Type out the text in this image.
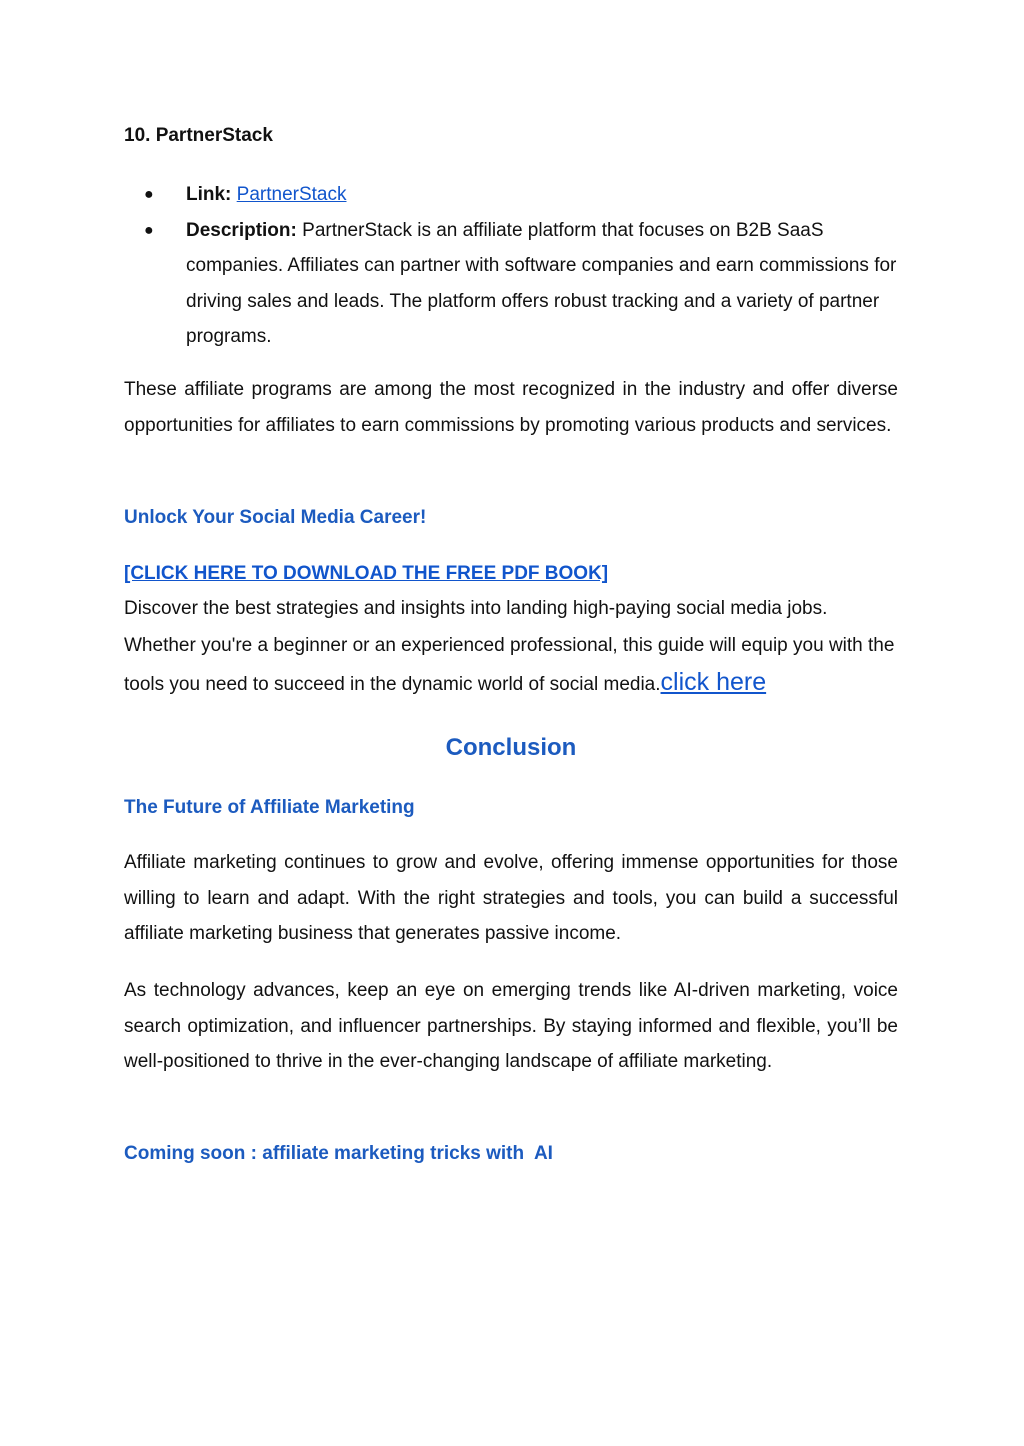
10. PartnerStack
● Link: PartnerStack
● Description: PartnerStack is an affiliate platform that focuses on B2B SaaS companies. Affiliates can partner with software companies and earn commissions for driving sales and leads. The platform offers robust tracking and a variety of partner programs.

These affiliate programs are among the most recognized in the industry and offer diverse opportunities for affiliates to earn commissions by promoting various products and services.

Unlock Your Social Media Career!
[CLICK HERE TO DOWNLOAD THE FREE PDF BOOK]

Discover the best strategies and insights into landing high-paying social media jobs. Whether you're a beginner or an experienced professional, this guide will equip you with the tools you need to succeed in the dynamic world of social media.click here

Conclusion
The Future of Affiliate Marketing

Affiliate marketing continues to grow and evolve, offering immense opportunities for those willing to learn and adapt. With the right strategies and tools, you can build a successful affiliate marketing business that generates passive income.

As technology advances, keep an eye on emerging trends like AI-driven marketing, voice search optimization, and influencer partnerships. By staying informed and flexible, you’ll be well-positioned to thrive in the ever-changing landscape of affiliate marketing.

Coming soon : affiliate marketing tricks with  AI
